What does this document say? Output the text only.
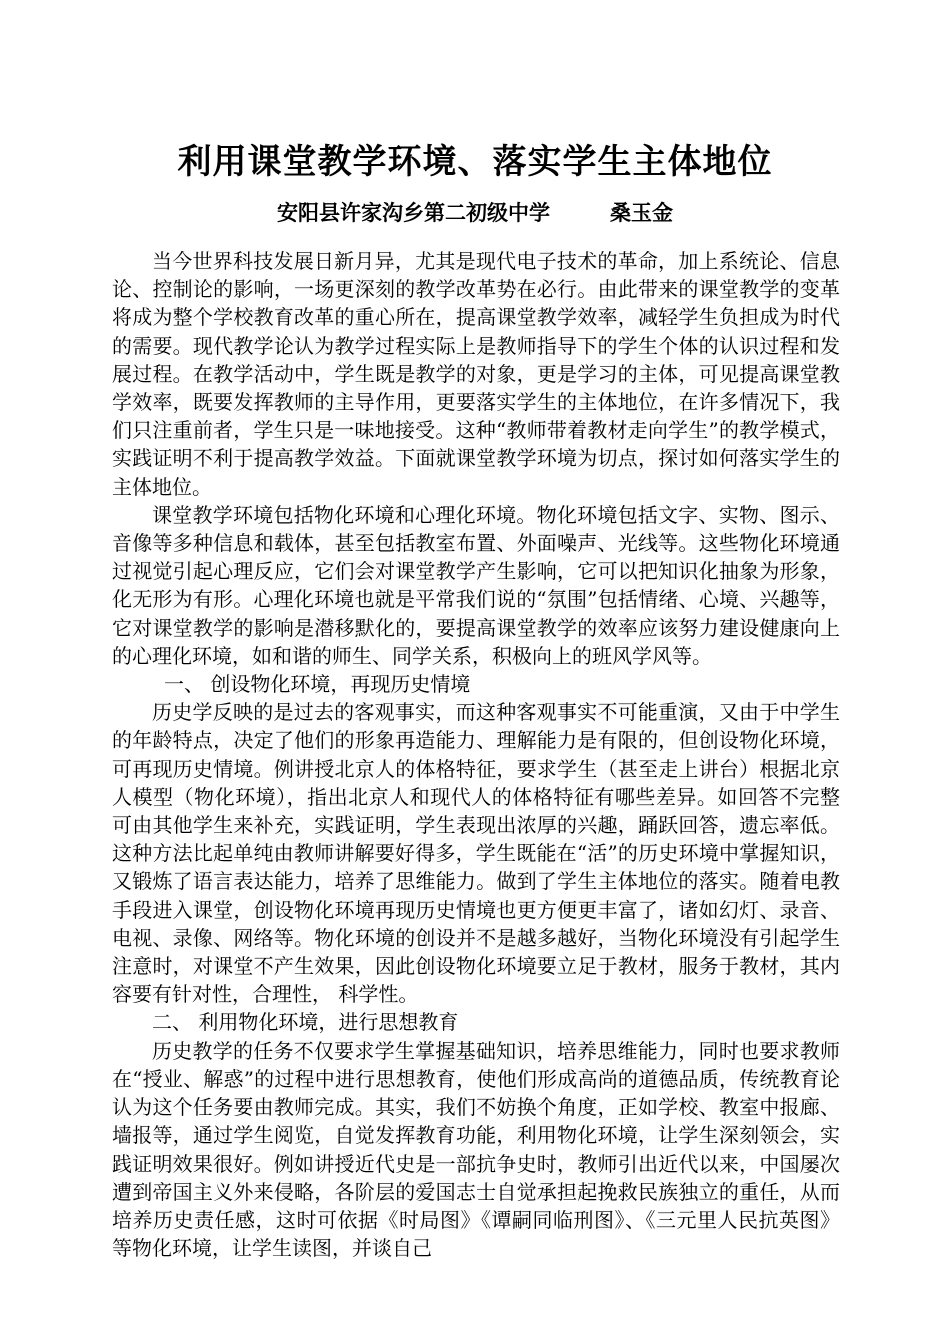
利用课堂教学环境、落实学生主体地位
安阳县许家沟乡第二初级中学	桑玉金

当今世界科技发展日新月异，尤其是现代电子技术的革命，加上系统论、信息论、控制论的影响，一场更深刻的教学改革势在必行。由此带来的课堂教学的变革将成为整个学校教育改革的重心所在，提高课堂教学效率，减轻学生负担成为时代的需要。现代教学论认为教学过程实际上是教师指导下的学生个体的认识过程和发展过程。在教学活动中，学生既是教学的对象，更是学习的主体，可见提高课堂教学效率，既要发挥教师的主导作用，更要落实学生的主体地位，在许多情况下，我们只注重前者，学生只是一味地接受。这种“教师带着教材走向学生”的教学模式，实践证明不利于提高教学效益。下面就课堂教学环境为切点，探讨如何落实学生的主体地位。

课堂教学环境包括物化环境和心理化环境。物化环境包括文字、实物、图示、音像等多种信息和载体，甚至包括教室布置、外面噪声、光线等。这些物化环境通过视觉引起心理反应，它们会对课堂教学产生影响，它可以把知识化抽象为形象，化无形为有形。心理化环境也就是平常我们说的“氛围”包括情绪、心境、兴趣等，它对课堂教学的影响是潜移默化的，要提高课堂教学的效率应该努力建设健康向上的心理化环境，如和谐的师生、同学关系，积极向上的班风学风等。

一、 创设物化环境，再现历史情境

历史学反映的是过去的客观事实，而这种客观事实不可能重演，又由于中学生的年龄特点，决定了他们的形象再造能力、理解能力是有限的，但创设物化环境，可再现历史情境。例讲授北京人的体格特征，要求学生（甚至走上讲台）根据北京人模型（物化环境），指出北京人和现代人的体格特征有哪些差异。如回答不完整可由其他学生来补充，实践证明，学生表现出浓厚的兴趣，踊跃回答，遗忘率低。这种方法比起单纯由教师讲解要好得多，学生既能在“活”的历史环境中掌握知识，又锻炼了语言表达能力，培养了思维能力。做到了学生主体地位的落实。随着电教手段进入课堂，创设物化环境再现历史情境也更方便更丰富了，诸如幻灯、录音、电视、录像、网络等。物化环境的创设并不是越多越好，当物化环境没有引起学生注意时，对课堂不产生效果，因此创设物化环境要立足于教材，服务于教材，其内容要有针对性，合理性， 科学性。

二、 利用物化环境，进行思想教育

历史教学的任务不仅要求学生掌握基础知识，培养思维能力，同时也要求教师在“授业、解惑”的过程中进行思想教育，使他们形成高尚的道德品质，传统教育论认为这个任务要由教师完成。其实，我们不妨换个角度，正如学校、教室中报廊、墙报等，通过学生阅览，自觉发挥教育功能，利用物化环境，让学生深刻领会，实践证明效果很好。例如讲授近代史是一部抗争史时，教师引出近代以来，中国屡次遭到帝国主义外来侵略，各阶层的爱国志士自觉承担起挽救民族独立的重任，从而培养历史责任感，这时可依据《时局图》《谭嗣同临刑图》、《三元里人民抗英图》等物化环境，让学生读图，并谈自己
